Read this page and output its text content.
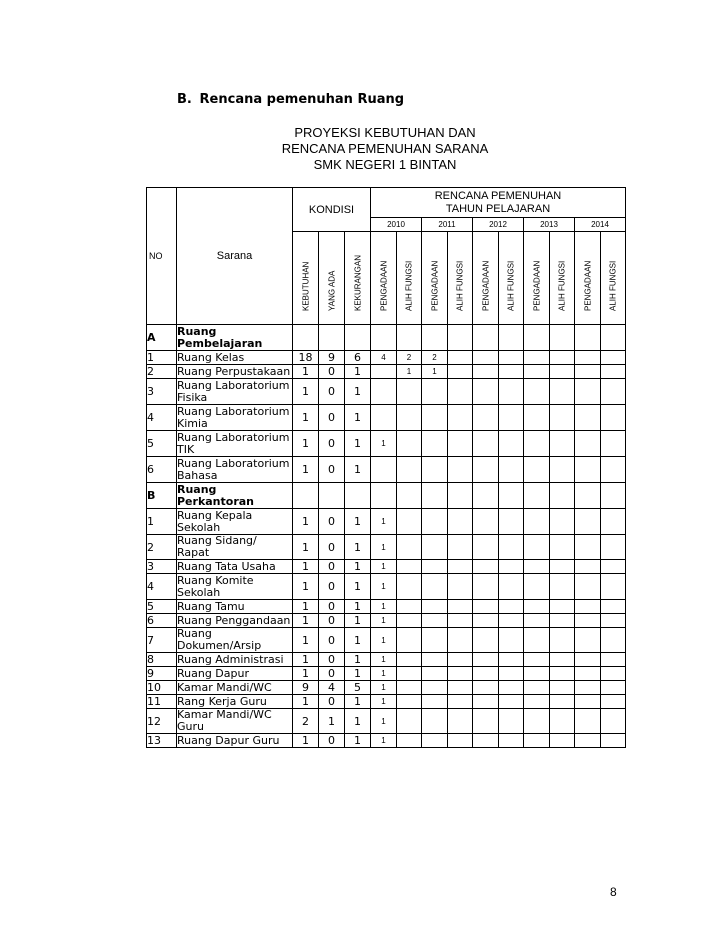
B. Rencana pemenuhan Ruang
PROYEKSI KEBUTUHAN DAN
RENCANA PEMENUHAN SARANA
SMK NEGERI 1 BINTAN
NO	Sarana	KONDISI			RENCANA PEMENUHAN
TAHUN PELAJARAN									

					2010		2011		2012		2013		2014	

		KEBUTUHAN	YANG ADA	KEKURANGAN	PENGADAAN	ALIH FUNGSI	PENGADAAN	ALIH FUNGSI	PENGADAAN	ALIH FUNGSI	PENGADAAN	ALIH FUNGSI	PENGADAAN	ALIH FUNGSI

A	Ruang Pembelajaran													
1	Ruang Kelas	18	9	6	4	2	2							
2	Ruang Perpustakaan	1	0	1		1	1							
3	Ruang Laboratorium Fisika	1	0	1										
4	Ruang Laboratorium Kimia	1	0	1										
5	Ruang Laboratorium TIK	1	0	1	1									
6	Ruang Laboratorium Bahasa	1	0	1										
B	Ruang Perkantoran													
1	Ruang Kepala Sekolah	1	0	1	1									
2	Ruang Sidang/ Rapat	1	0	1	1									
3	Ruang Tata Usaha	1	0	1	1									
4	Ruang Komite Sekolah	1	0	1	1									
5	Ruang Tamu	1	0	1	1									
6	Ruang Penggandaan	1	0	1	1									
7	Ruang Dokumen/Arsip	1	0	1	1									
8	Ruang Administrasi	1	0	1	1									
9	Ruang Dapur	1	0	1	1									
10	Kamar Mandi/WC	9	4	5	1									
11	Rang Kerja Guru	1	0	1	1									
12	Kamar Mandi/WC Guru	2	1	1	1									
13	Ruang Dapur Guru	1	0	1	1									
8
